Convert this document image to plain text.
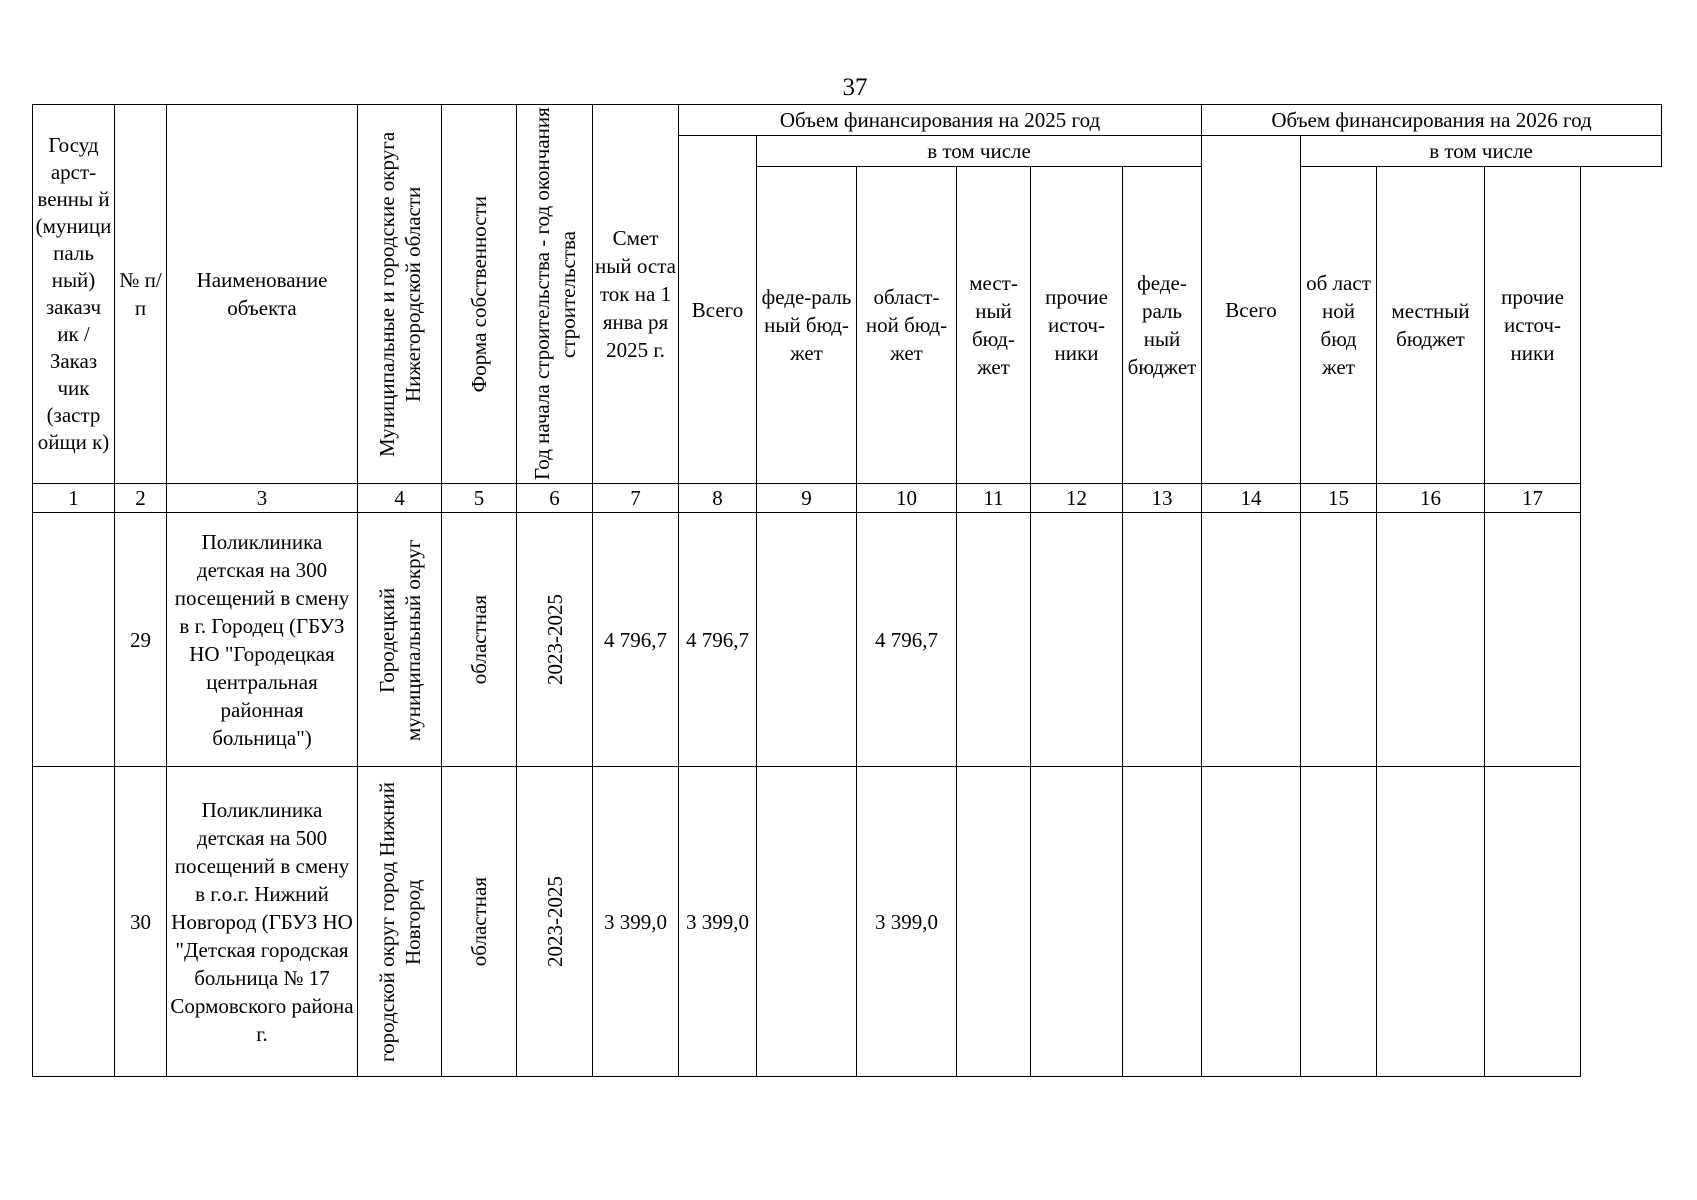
37
Госуд арст-венны й (муници паль ный) заказч ик / Заказ чик (застр ойщи к)	№ п/п	Наименование объекта	Муниципальные и городские округа Нижегородской области	Форма собственности	Год начала строительства - год окончания строительства	Смет ный оста ток на 1 янва ря 2025 г.	Объем финансирования на 2025 год						Объем финансирования на 2026 год			
							Всего	в том числе					Всего	в том числе		
								феде-раль ный бюд-жет	област-ной бюд-жет	мест-ный бюд-жет	прочие источ-ники	феде-раль ный бюджет		об ласт ной бюд жет	местный бюджет	прочие источ-ники
1	2	3	4	5	6	7	8	9	10	11	12	13	14	15	16	17
	29	Поликлиника детская на 300 посещений в смену в г. Городец (ГБУЗ НО "Городецкая центральная районная больница")	Городецкий муниципальный округ	областная	2023-2025	4 796,7	4 796,7		4 796,7							
	30	Поликлиника детская на 500 посещений в смену в г.о.г. Нижний Новгород (ГБУЗ НО "Детская городская больница № 17 Сормовского района г.	городской округ город Нижний Новгород	областная	2023-2025	3 399,0	3 399,0		3 399,0							
